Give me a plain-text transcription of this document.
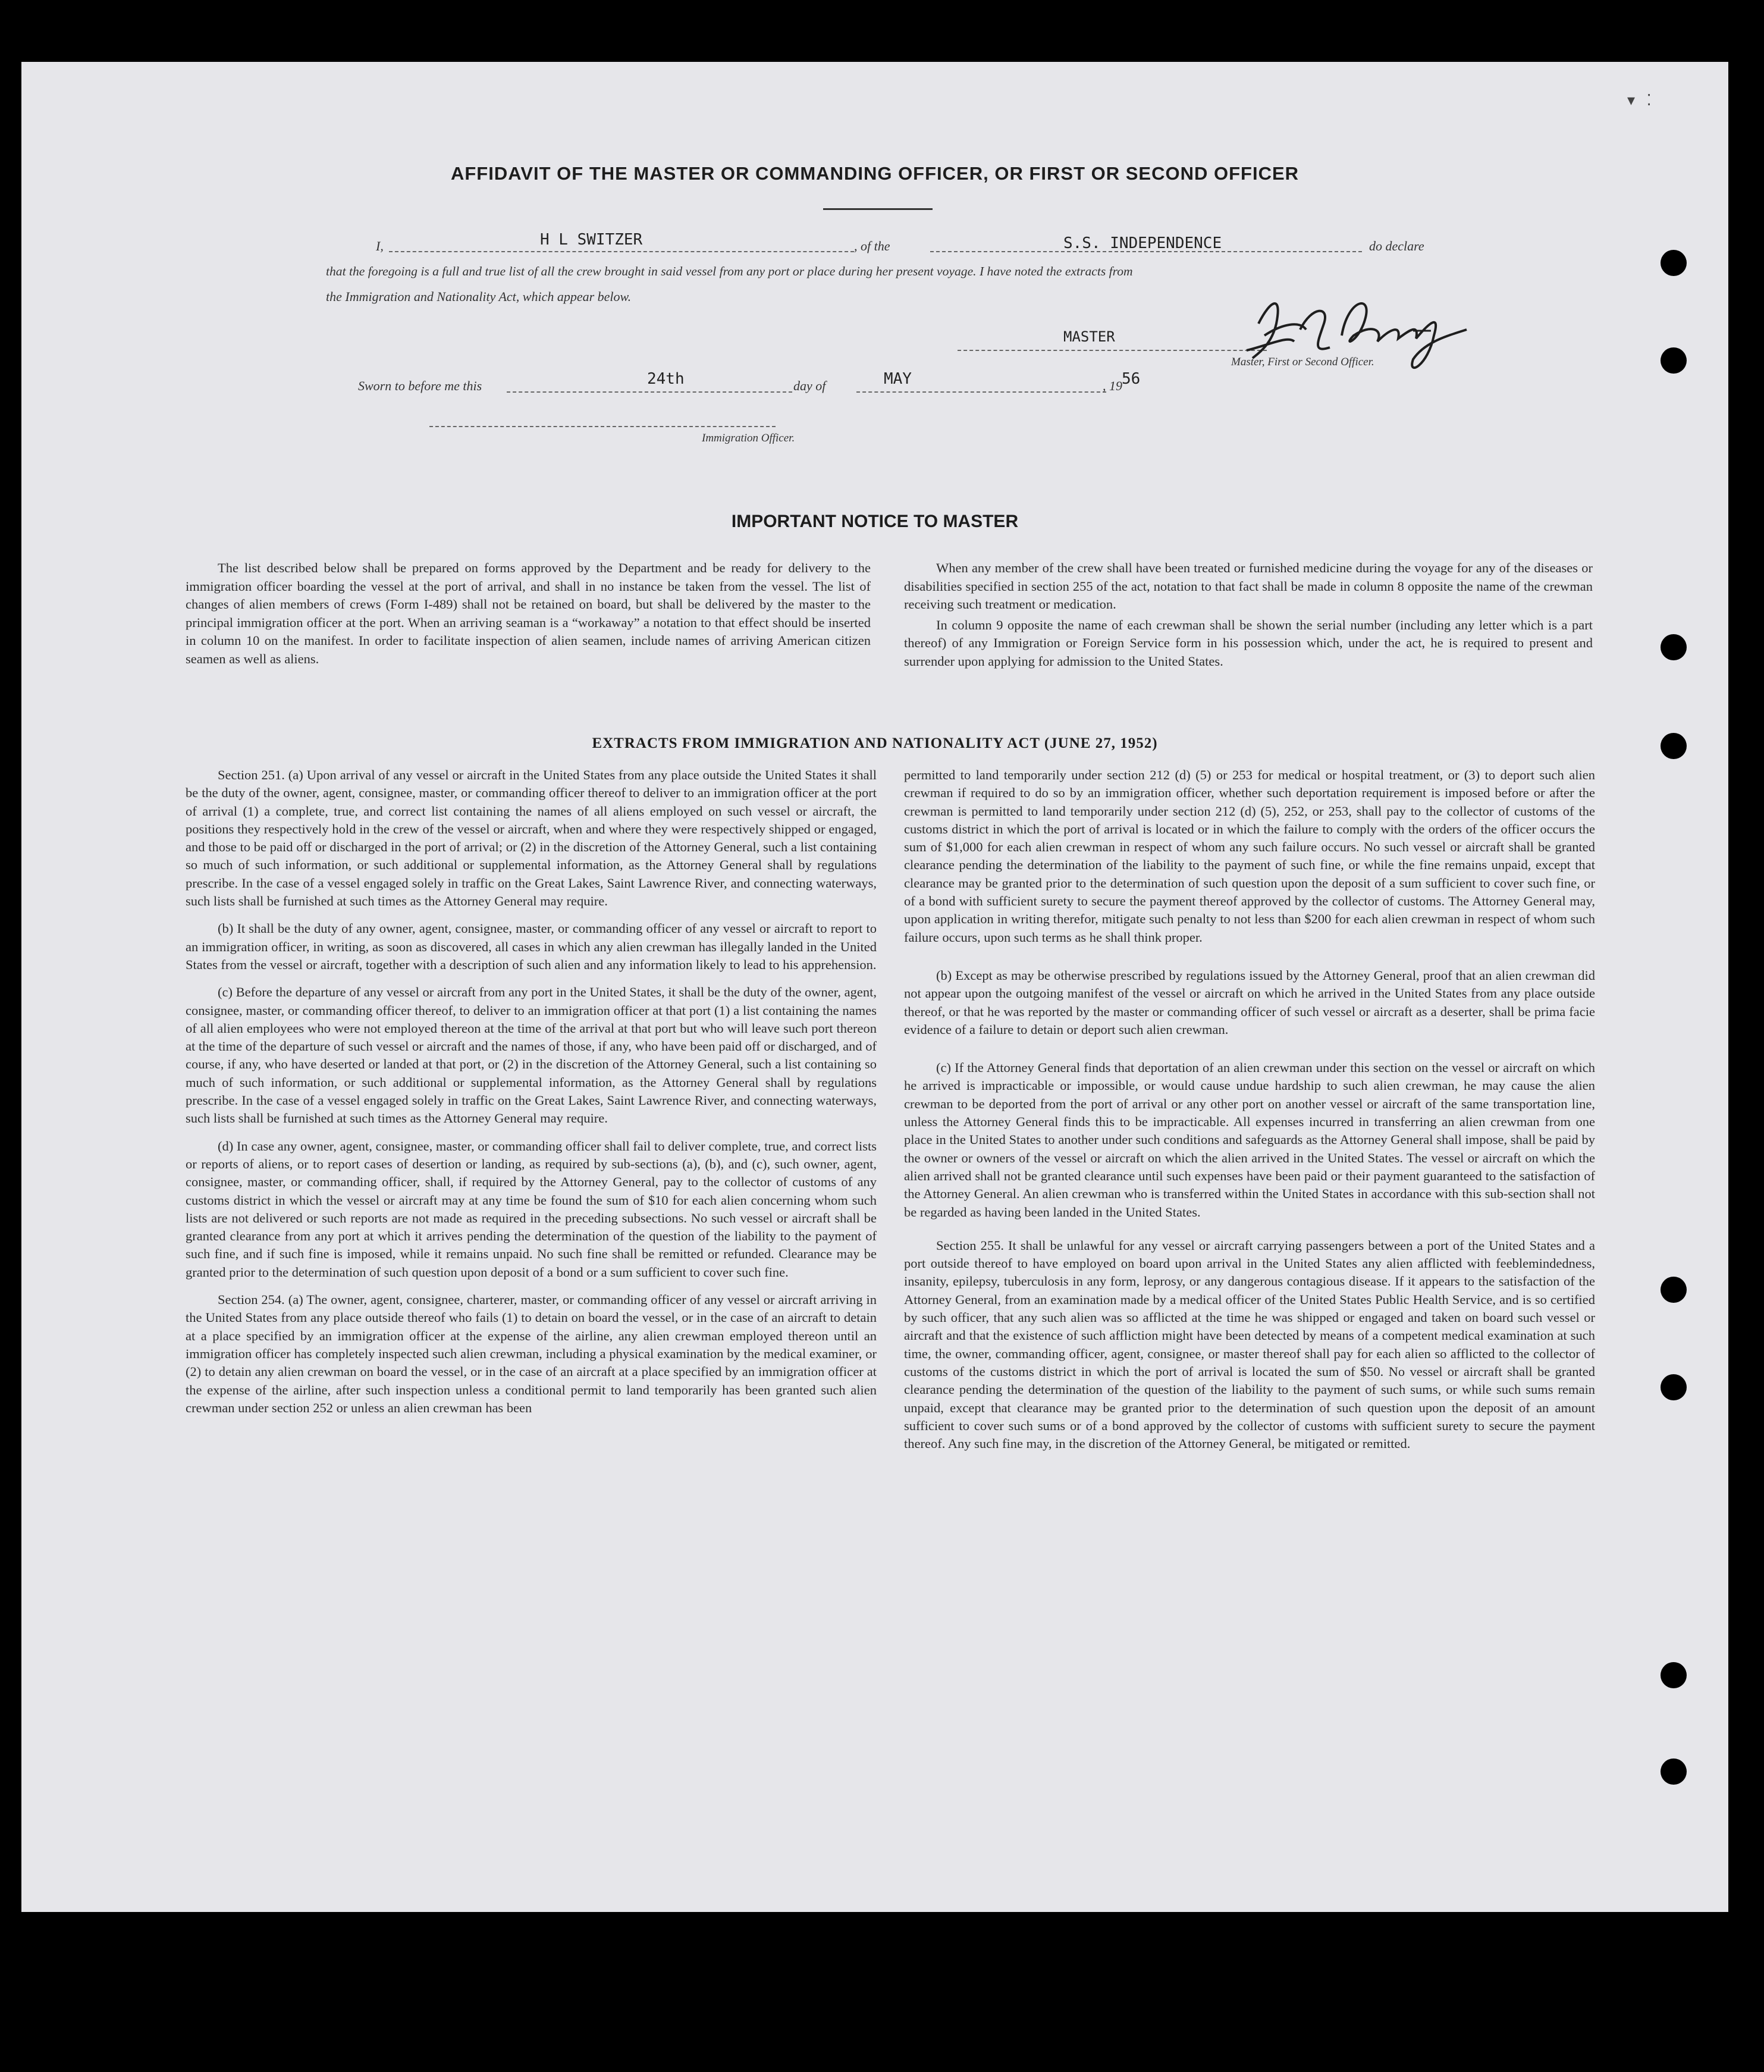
▾   ⁚
AFFIDAVIT OF THE MASTER OR COMMANDING OFFICER, OR FIRST OR SECOND OFFICER
I,	H L SWITZER	, of the	S.S. INDEPENDENCE	do declare
that the foregoing is a full and true list of all the crew brought in said vessel from any port or place during her present voyage. I have noted the extracts from
the Immigration and Nationality Act, which appear below.
MASTER
Master, First or Second Officer.
Sworn to before me this	24th	day of	MAY	, 19 56
Immigration Officer.
IMPORTANT NOTICE TO MASTER

The list described below shall be prepared on forms approved by the Department and be ready for delivery to the immigration officer boarding the vessel at the port of arrival, and shall in no instance be taken from the vessel. The list of changes of alien members of crews (Form I-489) shall not be retained on board, but shall be delivered by the master to the principal immigration officer at the port. When an arriving seaman is a “workaway” a notation to that effect should be inserted in column 10 on the manifest. In order to facilitate inspection of alien seamen, include names of arriving American citizen seamen as well as aliens.

When any member of the crew shall have been treated or furnished medicine during the voyage for any of the diseases or disabilities specified in section 255 of the act, notation to that fact shall be made in column 8 opposite the name of the crewman receiving such treatment or medication.

In column 9 opposite the name of each crewman shall be shown the serial number (including any letter which is a part thereof) of any Immigration or Foreign Service form in his possession which, under the act, he is required to present and surrender upon applying for admission to the United States.

EXTRACTS FROM IMMIGRATION AND NATIONALITY ACT (JUNE 27, 1952)

Section 251. (a) Upon arrival of any vessel or aircraft in the United States from any place outside the United States it shall be the duty of the owner, agent, consignee, master, or commanding officer thereof to deliver to an immigration officer at the port of arrival (1) a complete, true, and correct list containing the names of all aliens employed on such vessel or aircraft, the positions they respectively hold in the crew of the vessel or aircraft, when and where they were respectively shipped or engaged, and those to be paid off or discharged in the port of arrival; or (2) in the discretion of the Attorney General, such a list containing so much of such information, or such additional or supplemental information, as the Attorney General shall by regulations prescribe. In the case of a vessel engaged solely in traffic on the Great Lakes, Saint Lawrence River, and connecting waterways, such lists shall be furnished at such times as the Attorney General may require.

(b) It shall be the duty of any owner, agent, consignee, master, or commanding officer of any vessel or aircraft to report to an immigration officer, in writing, as soon as discovered, all cases in which any alien crewman has illegally landed in the United States from the vessel or aircraft, together with a description of such alien and any information likely to lead to his apprehension.

(c) Before the departure of any vessel or aircraft from any port in the United States, it shall be the duty of the owner, agent, consignee, master, or commanding officer thereof, to deliver to an immigration officer at that port (1) a list containing the names of all alien employees who were not employed thereon at the time of the arrival at that port but who will leave such port thereon at the time of the departure of such vessel or aircraft and the names of those, if any, who have been paid off or discharged, and of course, if any, who have deserted or landed at that port, or (2) in the discretion of the Attorney General, such a list containing so much of such information, or such additional or supplemental information, as the Attorney General shall by regulations prescribe. In the case of a vessel engaged solely in traffic on the Great Lakes, Saint Lawrence River, and connecting waterways, such lists shall be furnished at such times as the Attorney General may require.

(d) In case any owner, agent, consignee, master, or commanding officer shall fail to deliver complete, true, and correct lists or reports of aliens, or to report cases of desertion or landing, as required by sub-sections (a), (b), and (c), such owner, agent, consignee, master, or commanding officer, shall, if required by the Attorney General, pay to the collector of customs of any customs district in which the vessel or aircraft may at any time be found the sum of $10 for each alien concerning whom such lists are not delivered or such reports are not made as required in the preceding subsections. No such vessel or aircraft shall be granted clearance from any port at which it arrives pending the determination of the question of the liability to the payment of such fine, and if such fine is imposed, while it remains unpaid. No such fine shall be remitted or refunded. Clearance may be granted prior to the determination of such question upon deposit of a bond or a sum sufficient to cover such fine.

Section 254. (a) The owner, agent, consignee, charterer, master, or commanding officer of any vessel or aircraft arriving in the United States from any place outside thereof who fails (1) to detain on board the vessel, or in the case of an aircraft to detain at a place specified by an immigration officer at the expense of the airline, any alien crewman employed thereon until an immigration officer has completely inspected such alien crewman, including a physical examination by the medical examiner, or (2) to detain any alien crewman on board the vessel, or in the case of an aircraft at a place specified by an immigration officer at the expense of the airline, after such inspection unless a conditional permit to land temporarily has been granted such alien crewman under section 252 or unless an alien crewman has been

permitted to land temporarily under section 212 (d) (5) or 253 for medical or hospital treatment, or (3) to deport such alien crewman if required to do so by an immigration officer, whether such deportation requirement is imposed before or after the crewman is permitted to land temporarily under section 212 (d) (5), 252, or 253, shall pay to the collector of customs of the customs district in which the port of arrival is located or in which the failure to comply with the orders of the officer occurs the sum of $1,000 for each alien crewman in respect of whom any such failure occurs. No such vessel or aircraft shall be granted clearance pending the determination of the liability to the payment of such fine, or while the fine remains unpaid, except that clearance may be granted prior to the determination of such question upon the deposit of a sum sufficient to cover such fine, or of a bond with sufficient surety to secure the payment thereof approved by the collector of customs. The Attorney General may, upon application in writing therefor, mitigate such penalty to not less than $200 for each alien crewman in respect of whom such failure occurs, upon such terms as he shall think proper.

(b) Except as may be otherwise prescribed by regulations issued by the Attorney General, proof that an alien crewman did not appear upon the outgoing manifest of the vessel or aircraft on which he arrived in the United States from any place outside thereof, or that he was reported by the master or commanding officer of such vessel or aircraft as a deserter, shall be prima facie evidence of a failure to detain or deport such alien crewman.

(c) If the Attorney General finds that deportation of an alien crewman under this section on the vessel or aircraft on which he arrived is impracticable or impossible, or would cause undue hardship to such alien crewman, he may cause the alien crewman to be deported from the port of arrival or any other port on another vessel or aircraft of the same transportation line, unless the Attorney General finds this to be impracticable. All expenses incurred in transferring an alien crewman from one place in the United States to another under such conditions and safeguards as the Attorney General shall impose, shall be paid by the owner or owners of the vessel or aircraft on which the alien arrived in the United States. The vessel or aircraft on which the alien arrived shall not be granted clearance until such expenses have been paid or their payment guaranteed to the satisfaction of the Attorney General. An alien crewman who is transferred within the United States in accordance with this sub-section shall not be regarded as having been landed in the United States.

Section 255. It shall be unlawful for any vessel or aircraft carrying passengers between a port of the United States and a port outside thereof to have employed on board upon arrival in the United States any alien afflicted with feeblemindedness, insanity, epilepsy, tuberculosis in any form, leprosy, or any dangerous contagious disease. If it appears to the satisfaction of the Attorney General, from an examination made by a medical officer of the United States Public Health Service, and is so certified by such officer, that any such alien was so afflicted at the time he was shipped or engaged and taken on board such vessel or aircraft and that the existence of such affliction might have been detected by means of a competent medical examination at such time, the owner, commanding officer, agent, consignee, or master thereof shall pay for each alien so afflicted to the collector of customs of the customs district in which the port of arrival is located the sum of $50. No vessel or aircraft shall be granted clearance pending the determination of the question of the liability to the payment of such sums, or while such sums remain unpaid, except that clearance may be granted prior to the determination of such question upon the deposit of an amount sufficient to cover such sums or of a bond approved by the collector of customs with sufficient surety to secure the payment thereof. Any such fine may, in the discretion of the Attorney General, be mitigated or remitted.
